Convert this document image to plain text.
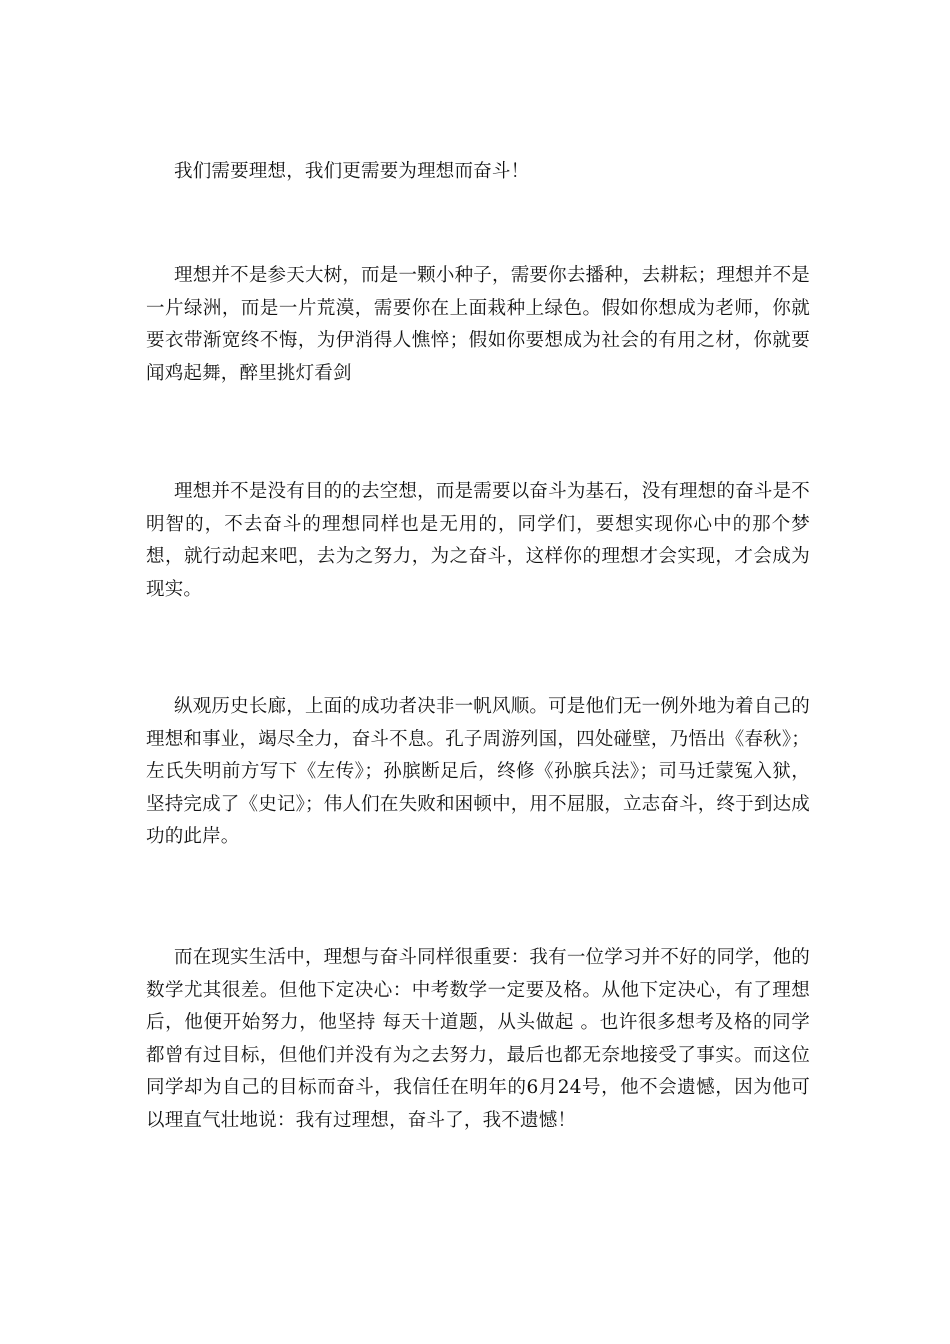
我们需要理想，我们更需要为理想而奋斗！

理想并不是参天大树，而是一颗小种子，需要你去播种，去耕耘；理想并不是一片绿洲，而是一片荒漠，需要你在上面栽种上绿色。假如你想成为老师，你就要衣带渐宽终不悔，为伊消得人憔悴；假如你要想成为社会的有用之材，你就要闻鸡起舞，醉里挑灯看剑

理想并不是没有目的的去空想，而是需要以奋斗为基石，没有理想的奋斗是不明智的，不去奋斗的理想同样也是无用的，同学们，要想实现你心中的那个梦想，就行动起来吧，去为之努力，为之奋斗，这样你的理想才会实现，才会成为现实。

纵观历史长廊，上面的成功者决非一帆风顺。可是他们无一例外地为着自己的理想和事业，竭尽全力，奋斗不息。孔子周游列国，四处碰壁，乃悟出《春秋》；左氏失明前方写下《左传》；孙膑断足后，终修《孙膑兵法》；司马迁蒙冤入狱，坚持完成了《史记》；伟人们在失败和困顿中，用不屈服，立志奋斗，终于到达成功的此岸。

而在现实生活中，理想与奋斗同样很重要：我有一位学习并不好的同学，他的数学尤其很差。但他下定决心：中考数学一定要及格。从他下定决心，有了理想后，他便开始努力，他坚持 每天十道题，从头做起 。也许很多想考及格的同学都曾有过目标，但他们并没有为之去努力，最后也都无奈地接受了事实。而这位同学却为自己的目标而奋斗，我信任在明年的6月24号，他不会遗憾，因为他可以理直气壮地说：我有过理想，奋斗了，我不遗憾！
